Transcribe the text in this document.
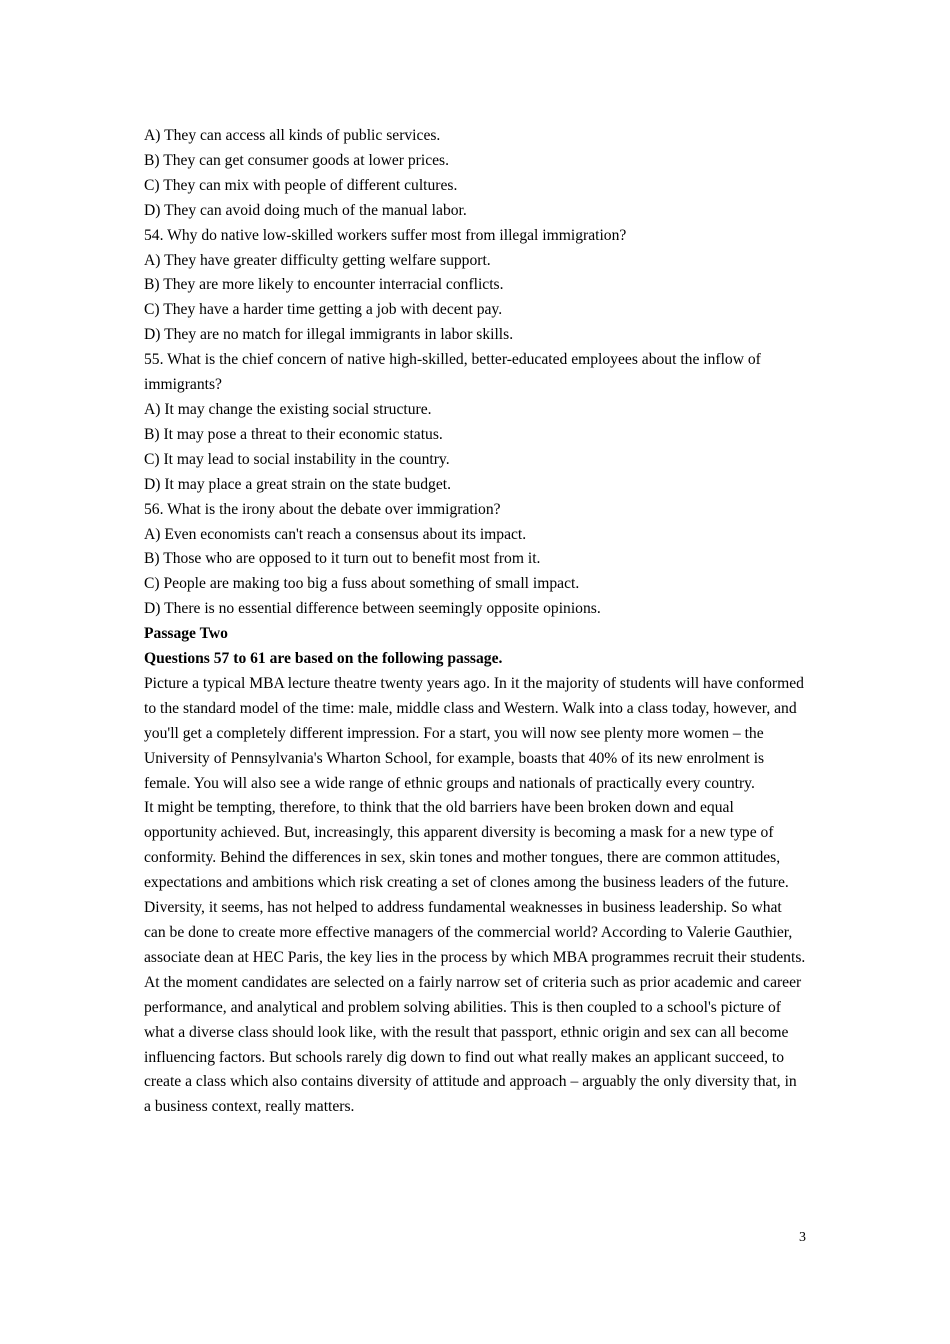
A) They can access all kinds of public services.

B) They can get consumer goods at lower prices.

C) They can mix with people of different cultures.

D) They can avoid doing much of the manual labor.

54. Why do native low-skilled workers suffer most from illegal immigration?

A) They have greater difficulty getting welfare support.

B) They are more likely to encounter interracial conflicts.

C) They have a harder time getting a job with decent pay.

D) They are no match for illegal immigrants in labor skills.

55. What is the chief concern of native high-skilled, better-educated employees about the inflow of immigrants?

A) It may change the existing social structure.

B) It may pose a threat to their economic status.

C) It may lead to social instability in the country.

D) It may place a great strain on the state budget.

56. What is the irony about the debate over immigration?

A) Even economists can't reach a consensus about its impact.

B) Those who are opposed to it turn out to benefit most from it.

C) People are making too big a fuss about something of small impact.

D) There is no essential difference between seemingly opposite opinions.

Passage Two

Questions 57 to 61 are based on the following passage.

Picture a typical MBA lecture theatre twenty years ago. In it the majority of students will have conformed to the standard model of the time: male, middle class and Western. Walk into a class today, however, and you'll get a completely different impression. For a start, you will now see plenty more women – the University of Pennsylvania's Wharton School, for example, boasts that 40% of its new enrolment is female. You will also see a wide range of ethnic groups and nationals of practically every country.

It might be tempting, therefore, to think that the old barriers have been broken down and equal opportunity achieved. But, increasingly, this apparent diversity is becoming a mask for a new type of conformity. Behind the differences in sex, skin tones and mother tongues, there are common attitudes, expectations and ambitions which risk creating a set of clones among the business leaders of the future.

Diversity, it seems, has not helped to address fundamental weaknesses in business leadership. So what can be done to create more effective managers of the commercial world? According to Valerie Gauthier, associate dean at HEC Paris, the key lies in the process by which MBA programmes recruit their students. At the moment candidates are selected on a fairly narrow set of criteria such as prior academic and career performance, and analytical and problem solving abilities. This is then coupled to a school's picture of what a diverse class should look like, with the result that passport, ethnic origin and sex can all become influencing factors. But schools rarely dig down to find out what really makes an applicant succeed, to create a class which also contains diversity of attitude and approach – arguably the only diversity that, in a business context, really matters.

3
